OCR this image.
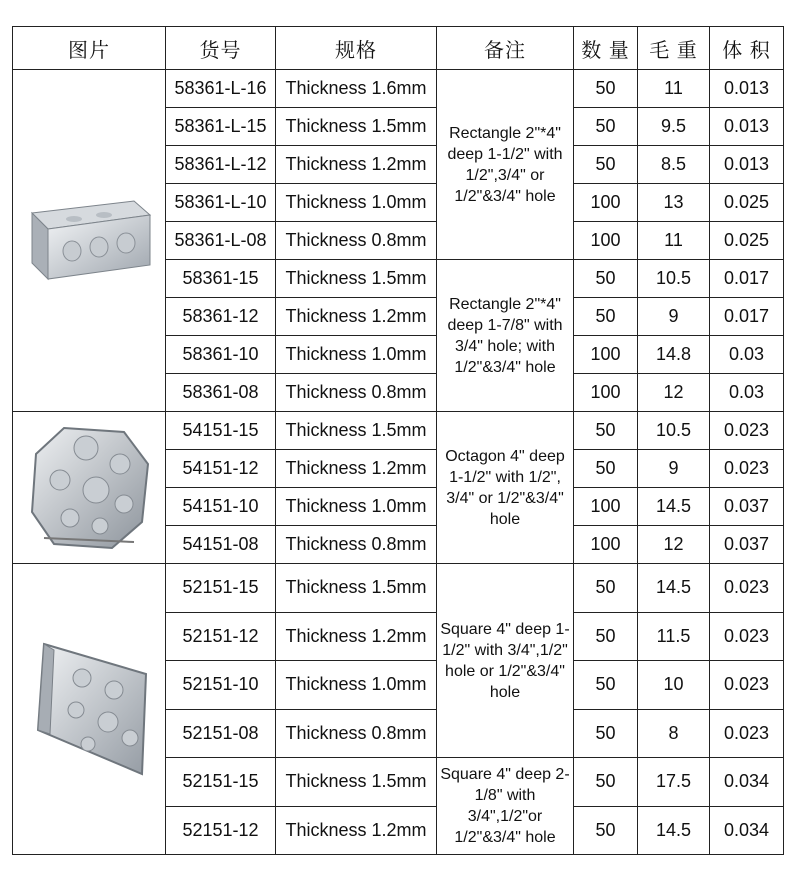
图片	货号	规格	备注	数 量	毛 重	体 积

	58361-L-16	Thickness 1.6mm	Rectangle 2"*4" deep 1-1/2" with 1/2",3/4" or 1/2"&3/4" hole	50	11	0.013
	58361-L-15	Thickness 1.5mm		50	9.5	0.013
	58361-L-12	Thickness 1.2mm		50	8.5	0.013
	58361-L-10	Thickness 1.0mm		100	13	0.025
	58361-L-08	Thickness 0.8mm		100	11	0.025
	58361-15	Thickness 1.5mm	Rectangle 2"*4" deep 1-7/8" with 3/4" hole; with 1/2"&3/4" hole	50	10.5	0.017
	58361-12	Thickness 1.2mm		50	9	0.017
	58361-10	Thickness 1.0mm		100	14.8	0.03
	58361-08	Thickness 0.8mm		100	12	0.03

	54151-15	Thickness 1.5mm	Octagon 4" deep 1-1/2" with 1/2", 3/4" or 1/2"&3/4" hole	50	10.5	0.023
	54151-12	Thickness 1.2mm		50	9	0.023
	54151-10	Thickness 1.0mm		100	14.5	0.037
	54151-08	Thickness 0.8mm		100	12	0.037

	52151-15	Thickness 1.5mm	Square 4" deep 1-1/2" with 3/4",1/2" hole or 1/2"&3/4" hole	50	14.5	0.023
	52151-12	Thickness 1.2mm		50	11.5	0.023
	52151-10	Thickness 1.0mm		50	10	0.023
	52151-08	Thickness 0.8mm		50	8	0.023
	52151-15	Thickness 1.5mm	Square 4" deep 2-1/8" with 3/4",1/2"or 1/2"&3/4" hole	50	17.5	0.034
	52151-12	Thickness 1.2mm		50	14.5	0.034
